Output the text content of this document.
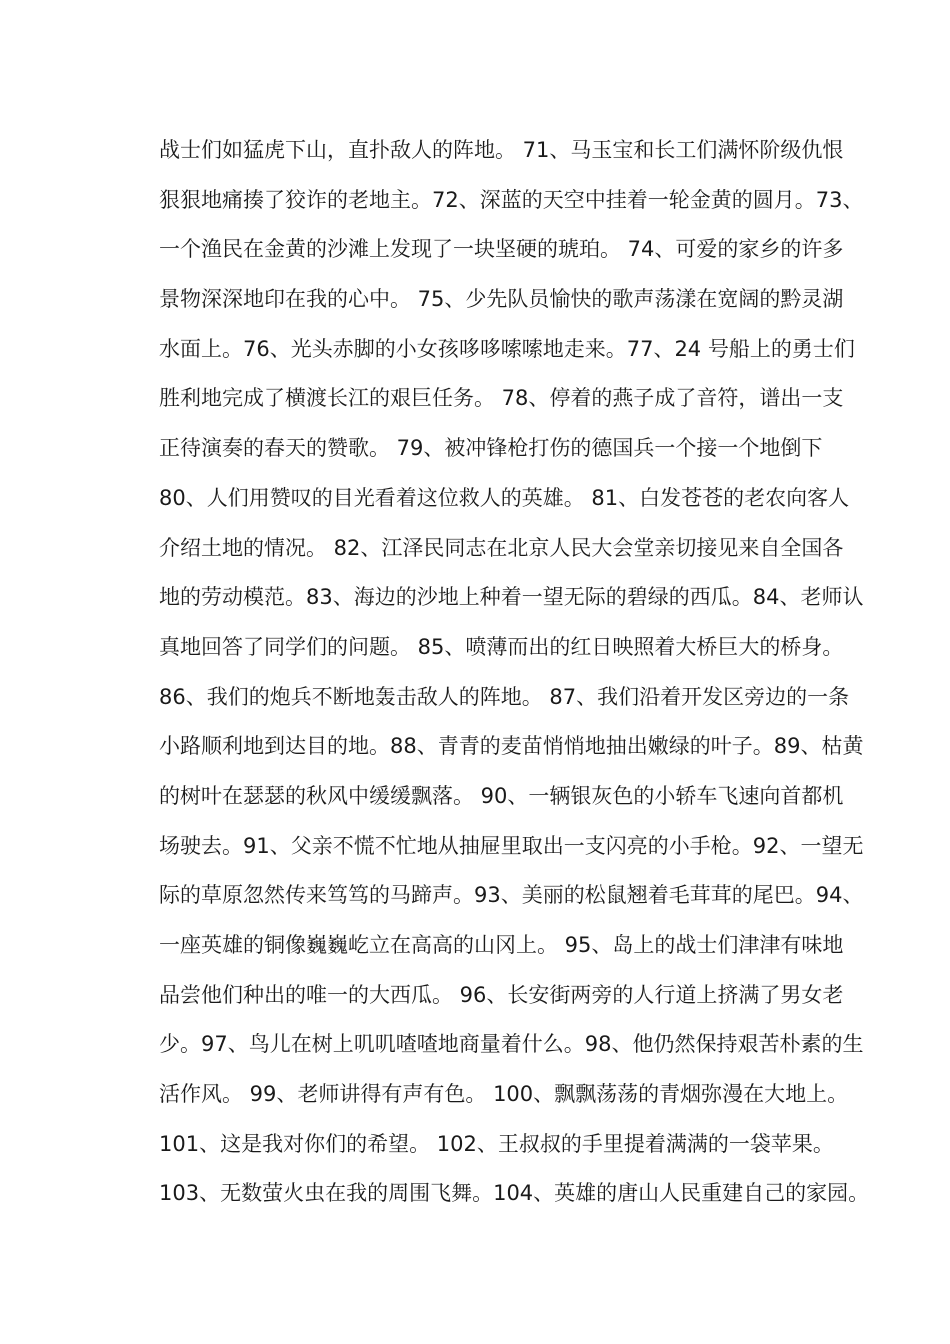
战士们如猛虎下山，直扑敌人的阵地。 71、马玉宝和长工们满怀阶级仇恨
狠狠地痛揍了狡诈的老地主。72、深蓝的天空中挂着一轮金黄的圆月。73、
一个渔民在金黄的沙滩上发现了一块坚硬的琥珀。 74、可爱的家乡的许多
景物深深地印在我的心中。 75、少先队员愉快的歌声荡漾在宽阔的黔灵湖
水面上。76、光头赤脚的小女孩哆哆嗦嗦地走来。77、24 号船上的勇士们
胜利地完成了横渡长江的艰巨任务。 78、停着的燕子成了音符，谱出一支
正待演奏的春天的赞歌。 79、被冲锋枪打伤的德国兵一个接一个地倒下
80、人们用赞叹的目光看着这位救人的英雄。 81、白发苍苍的老农向客人
介绍土地的情况。 82、江泽民同志在北京人民大会堂亲切接见来自全国各
地的劳动模范。83、海边的沙地上种着一望无际的碧绿的西瓜。84、老师认
真地回答了同学们的问题。 85、喷薄而出的红日映照着大桥巨大的桥身。
86、我们的炮兵不断地轰击敌人的阵地。 87、我们沿着开发区旁边的一条
小路顺利地到达目的地。88、青青的麦苗悄悄地抽出嫩绿的叶子。89、枯黄
的树叶在瑟瑟的秋风中缓缓飘落。 90、一辆银灰色的小轿车飞速向首都机
场驶去。91、父亲不慌不忙地从抽屉里取出一支闪亮的小手枪。92、一望无
际的草原忽然传来笃笃的马蹄声。93、美丽的松鼠翘着毛茸茸的尾巴。94、
一座英雄的铜像巍巍屹立在高高的山冈上。 95、岛上的战士们津津有味地
品尝他们种出的唯一的大西瓜。 96、长安街两旁的人行道上挤满了男女老
少。97、鸟儿在树上叽叽喳喳地商量着什么。98、他仍然保持艰苦朴素的生
活作风。 99、老师讲得有声有色。 100、飘飘荡荡的青烟弥漫在大地上。
101、这是我对你们的希望。 102、王叔叔的手里提着满满的一袋苹果。
103、无数萤火虫在我的周围飞舞。104、英雄的唐山人民重建自己的家园。
